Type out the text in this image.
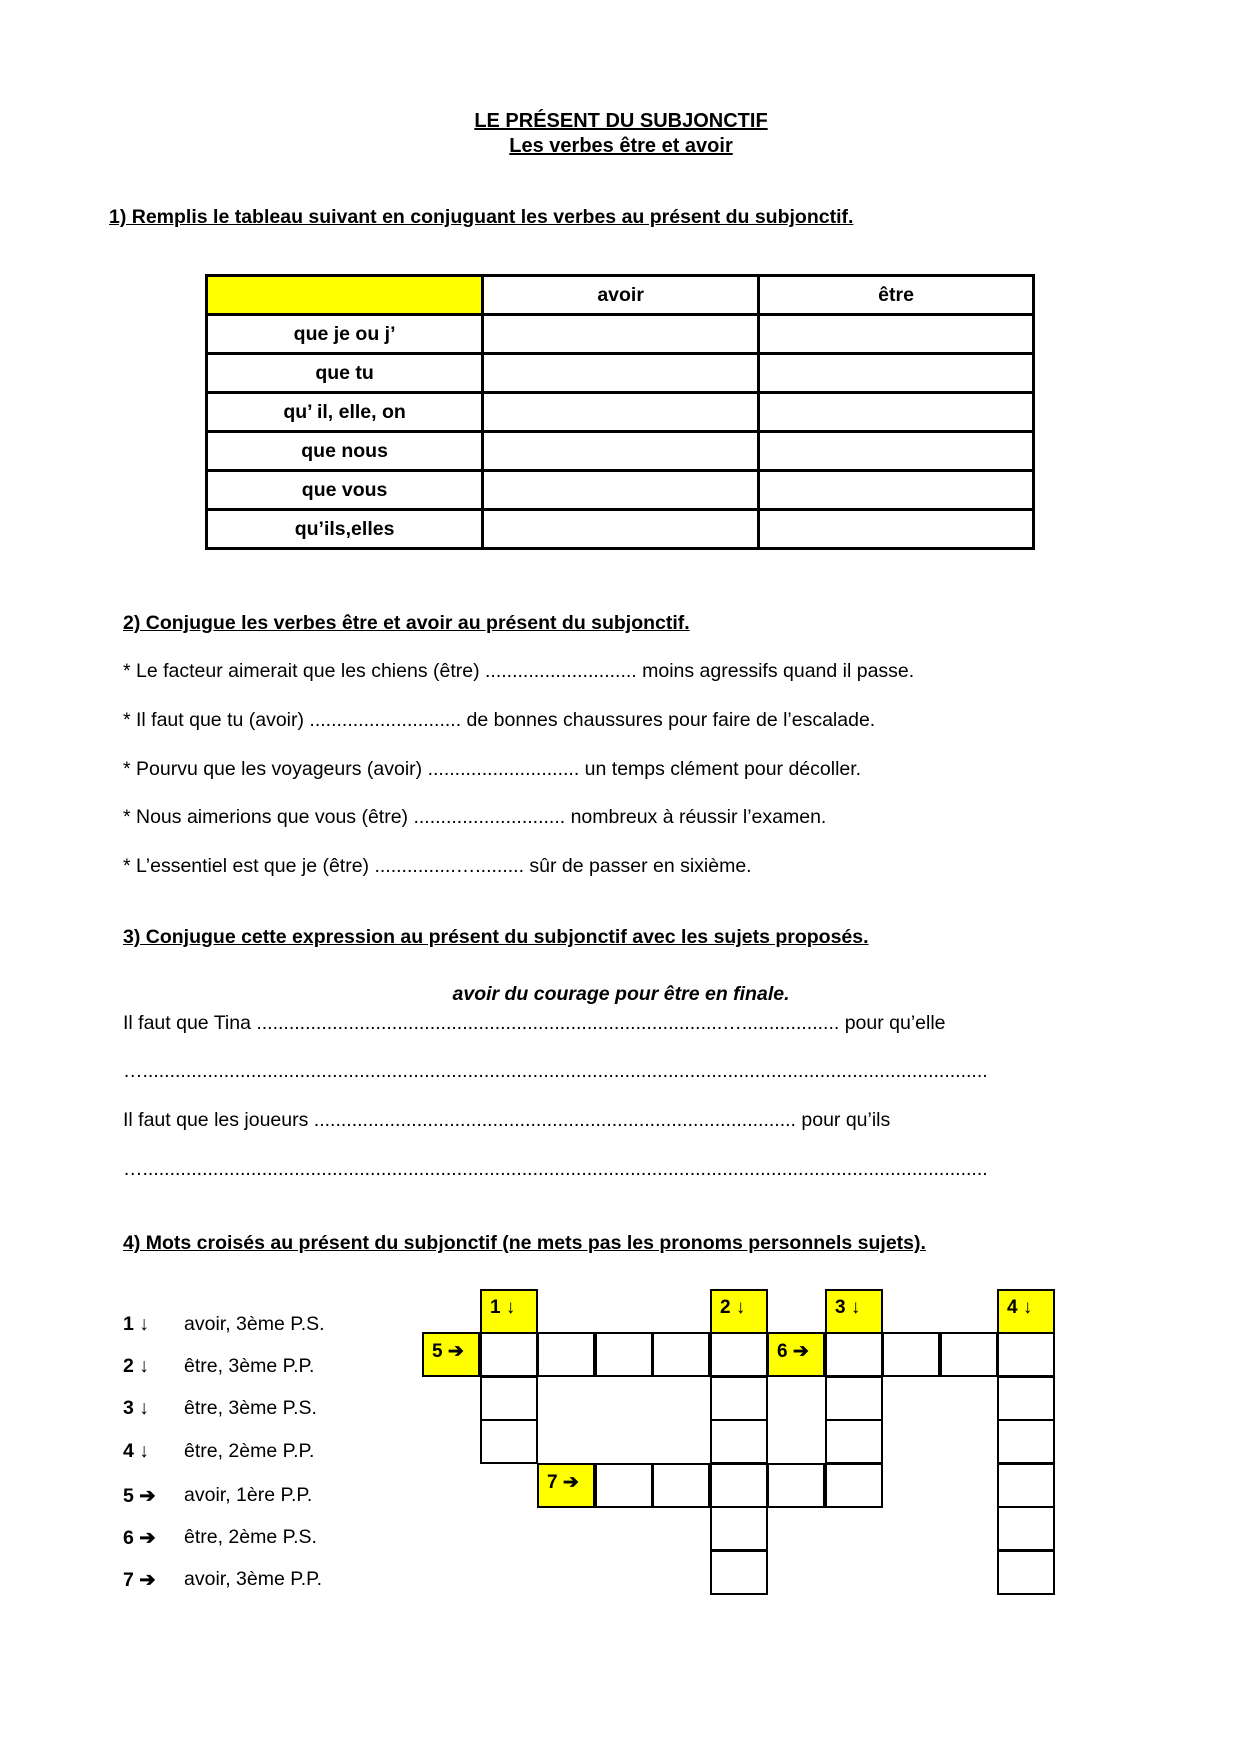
LE PRÉSENT DU SUBJONCTIF
Les verbes être et avoir
1) Remplis le tableau suivant en conjuguant les verbes au présent du subjonctif.
	avoir	être
que je ou j’		
que tu		
qu’ il, elle, on		
que nous		
que vous		
qu’ils,elles		
2) Conjugue les verbes être et avoir au présent du subjonctif.
* Le facteur aimerait que les chiens (être) ............................ moins agressifs quand il passe.
* Il faut que tu (avoir) ............................ de bonnes chaussures pour faire de l’escalade.
* Pourvu que les voyageurs (avoir) ............................ un temps clément pour décoller.
* Nous aimerions que vous (être) ............................ nombreux à réussir l’examen.
* L’essentiel est que je (être) ...............…......... sûr de passer en sixième.
3) Conjugue cette expression au présent du subjonctif avec les sujets proposés.
avoir du courage pour être en finale.
Il faut que Tina ......................................................................................….................. pour qu’elle
…............................................................................................................................................................
Il faut que les joueurs ......................................................................................... pour qu’ils
…............................................................................................................................................................
4) Mots croisés au présent du subjonctif (ne mets pas les pronoms personnels sujets).
1 ↓	avoir, 3ème P.S.
2 ↓	être, 3ème P.P.
3 ↓	être, 3ème P.S.
4 ↓	être, 2ème P.P.
5 ➔	avoir, 1ère P.P.
6 ➔	être, 2ème P.S.
7 ➔	avoir, 3ème P.P.
1 ↓	2 ↓	3 ↓	4 ↓
5 ➔	6 ➔
7 ➔
